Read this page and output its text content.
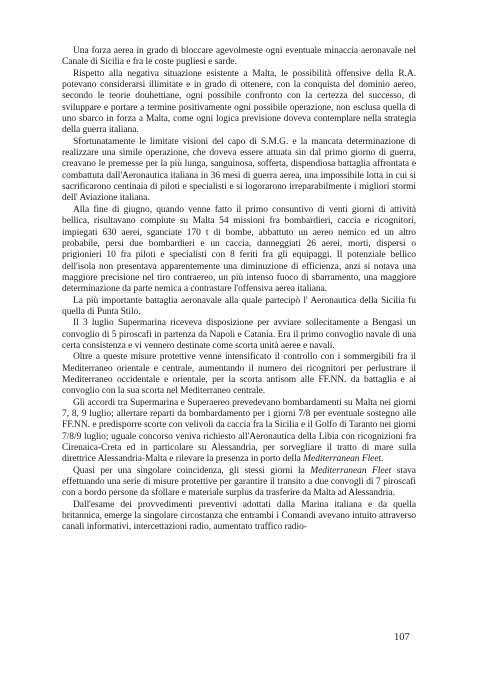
Una forza aerea in grado di bloccare agevolmeste ogni eventuale minaccia aeronavale nel Canale di Sicilia e fra le coste pugliesi e sarde.

Rispetto alla negativa situazione esistente a Malta, le possibilità offensive della R.A. potevano considerarsi illimitate e in grado di ottenere, con la conquista del dominio aereo, secondo le teorie douhettiane, ogni possibile confronto con la certezza del successo, di sviluppare e portare a termine positivamente ogni possibile operazione, non esclusa quella di uno sbarco in forza a Malta, come ogni logica previsione doveva contemplare nella strategia della guerra italiana.

Sfortunatamente le limitate visioni del capo di S.M.G. e la mancata determinazione di realizzare una simile operazione, che doveva essere attuata sin dal primo giorno di guerra, creavano le premesse per la più lunga, sanguinosa, sofferta, dispendiosa battaglia affrontata e combattuta dall'Aeronautica italiana in 36 mesi di guerra aerea, una impossibile lotta in cui si sacrificarono centinaia di piloti e specialisti e si logorarono irreparabilmente i migliori stormi dell' Aviazione italiana.

Alla fine di giugno, quando venne fatto il primo consuntivo di venti giorni di attività bellica, risultavano compiute su Malta 54 missioni fra bombardieri, caccia e ricognitori, impiegati 630 aerei, sganciate 170 t di bombe, abbattuto un aereo nemico ed un altro probabile, persi due bombardieri e un caccia, danneggiati 26 aerei, morti, dispersi o prigionieri 10 fra piloti e specialisti con 8 feriti fra gli equipaggi. Il potenziale bellico dell'isola non presentava apparentemente una diminuzione di efficienza, anzi si notava una maggiore precisione nel tiro contraereo, un più intenso fuoco di sbarramento, una maggiore determinazione da parte nemica a contrastare l'offensiva aerea italiana.

La più importante battaglia aeronavale alla quale partecipò l' Aeronautica della Sicilia fu quella di Punta Stilo.

Il 3 luglio Supermarina riceveva disposizione per avviare sollecitamente a Bengasi un convoglio di 5 piroscafi in partenza da Napoli e Catania. Era il primo convoglio navale di una certa consistenza e vi vennero destinate come scorta unità aeree e navali.

Oltre a queste misure protettive venne intensificato il controllo con i sommergibili fra il Mediterraneo orientale e centrale, aumentando il numero dei ricognitori per perlustrare il Mediterraneo occidentale e orientale, per la scorta antisom alle FF.NN. da battaglia e al convoglio con la sua scorta nel Mediterraneo centrale.

Gli accordi tra Supermarina e Superaereo prevedevano bombardamenti su Malta nei giorni 7, 8, 9 luglio; allertare reparti da bombardamento per i giorni 7/8 per eventuale sostegno alle FF.NN. e predisporre scorte con velivoli da caccia fra la Sicilia e il Golfo di Taranto nei giorni 7/8/9 luglio; uguale concorso veniva richiesto all'Aeronautica della Libia con ricognizioni fra Cirenaica-Creta ed in particolare su Alessandria, per sorvegliare il tratto di mare sulla direttrice Alessandria-Malta e rilevare la presenza in porto della Mediterranean Fleet.

Quasi per una singolare coincidenza, gli stessi giorni la Mediterranean Fleet stava effettuando una serie di misure protettive per garantire il transito a due convogli di 7 piroscafi con a bordo persone da sfollare e materiale surplus da trasferire da Malta ad Alessandria.

Dall'esame dei provvedimenti preventivi adottati dalla Marina italiana e da quella britannica, emerge la singolare circostanza che entrambi i Comandi avevano intuito attraverso canali informativi, intercettazioni radio, aumentato traffico radio-

107
